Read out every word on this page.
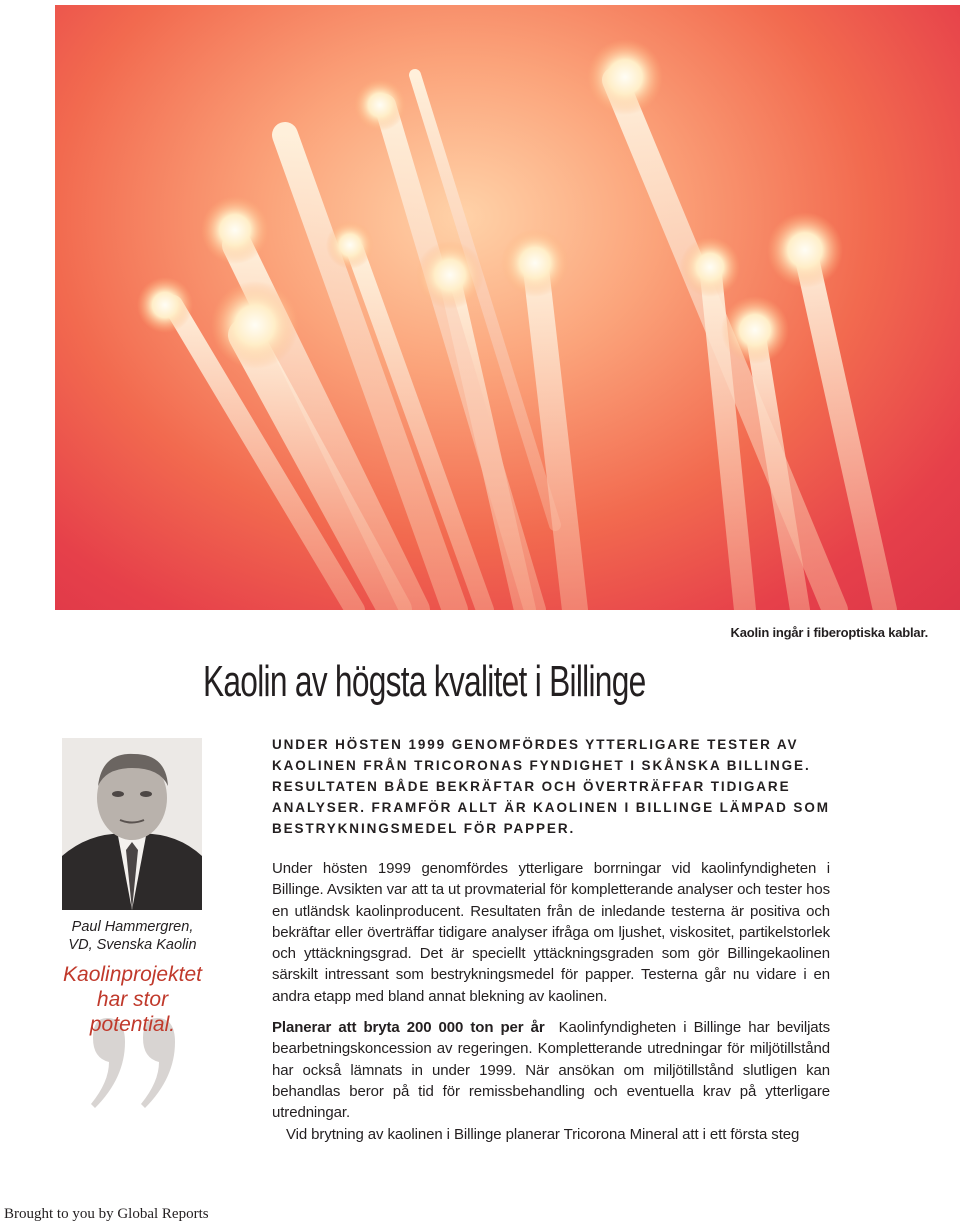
Kaolin ingår i fiberoptiska kablar.
Kaolin av högsta kvalitet i Billinge

UNDER HÖSTEN 1999 GENOMFÖRDES YTTERLIGARE TESTER AV KAOLINEN FRÅN TRICORONAS FYNDIGHET I SKÅNSKA BILLINGE. RESULTATEN BÅDE BEKRÄFTAR OCH ÖVERTRÄFFAR TIDIGARE ANALYSER. FRAMFÖR ALLT ÄR KAOLINEN I BILLINGE LÄMPAD SOM BESTRYKNINGSMEDEL FÖR PAPPER.

Paul Hammergren,
VD, Svenska Kaolin

Kaolinprojektet har stor potential.

Under hösten 1999 genomfördes ytterligare borrningar vid kaolinfyndigheten i Billinge. Avsikten var att ta ut provmaterial för kompletterande analyser och tester hos en utländsk kaolinproducent. Resultaten från de inledande testerna är positiva och bekräftar eller överträffar tidigare analyser ifråga om ljushet, viskositet, partikelstorlek och yttäckningsgrad. Det är speciellt yttäckningsgraden som gör Billingekaolinen särskilt intressant som bestrykningsmedel för papper. Testerna går nu vidare i en andra etapp med bland annat blekning av kaolinen.

Planerar att bryta 200 000 ton per år Kaolinfyndigheten i Billinge har beviljats bearbetningskoncession av regeringen. Kompletterande utredningar för miljötillstånd har också lämnats in under 1999. När ansökan om miljötillstånd slutligen kan behandlas beror på tid för remissbehandling och eventuella krav på ytterligare utredningar.

Vid brytning av kaolinen i Billinge planerar Tricorona Mineral att i ett första steg

Brought to you by Global Reports
